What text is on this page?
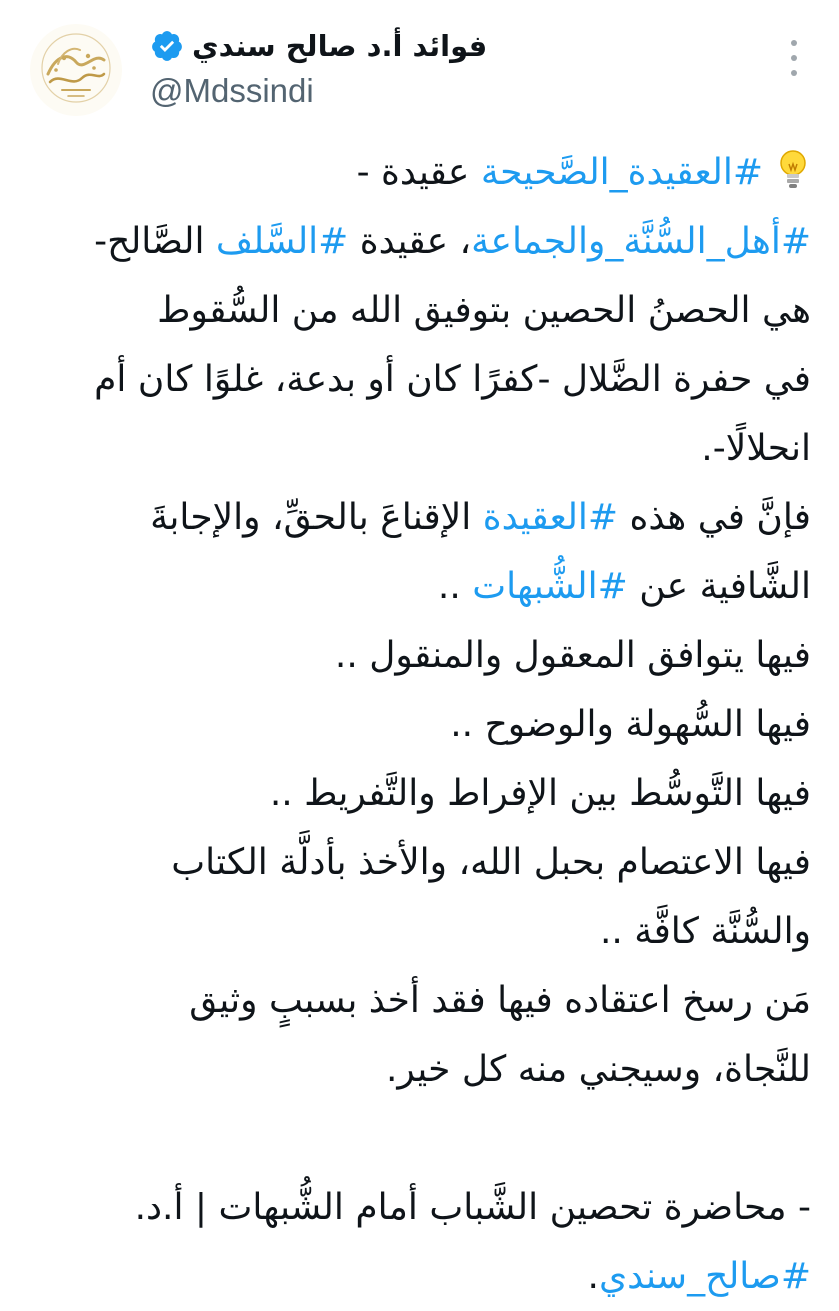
فوائد أ.د صالح سندي
@Mdssindi
#العقيدة_الصَّحيحة عقيدة -
#أهل_السُّنَّة_والجماعة، عقيدة #السَّلف الصَّالح-
هي الحصنُ الحصين بتوفيق الله من السُّقوط
في حفرة الضَّلال -كفرًا كان أو بدعة، غلوًا كان أم
انحلالًا-.
فإنَّ في هذه #العقيدة الإقناعَ بالحقِّ، والإجابةَ
الشَّافية عن #الشُّبهات ..
فيها يتوافق المعقول والمنقول ..
فيها السُّهولة والوضوح ..
فيها التَّوسُّط بين الإفراط والتَّفريط ..
فيها الاعتصام بحبل الله، والأخذ بأدلَّة الكتاب
والسُّنَّة كافَّة ..
مَن رسخ اعتقاده فيها فقد أخذ بسببٍ وثيق
للنَّجاة، وسيجني منه كل خير.
- محاضرة تحصين الشَّباب أمام الشُّبهات | أ.د.
#صالح_سندي.
